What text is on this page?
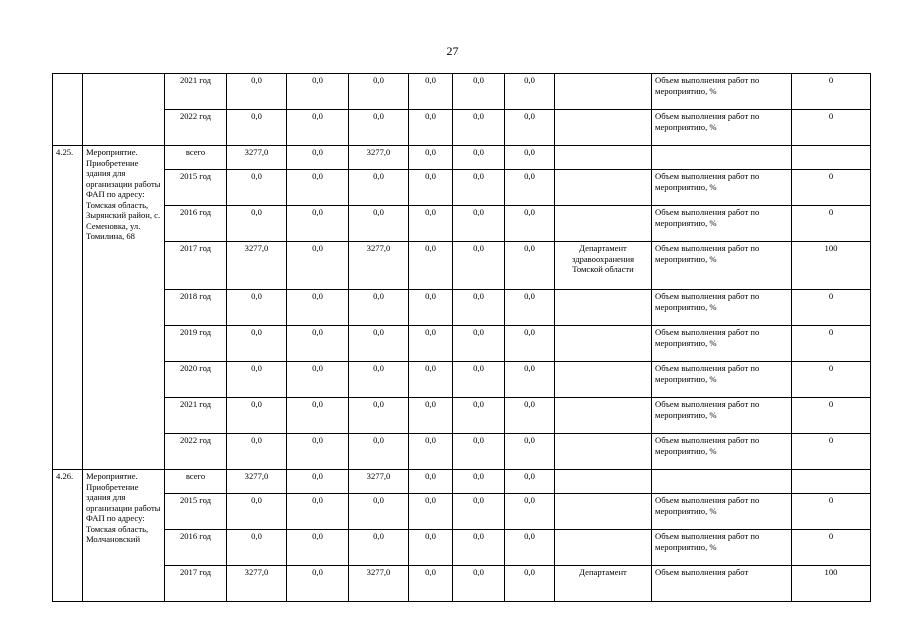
27
		2021 год	0,0	0,0	0,0	0,0	0,0	0,0		Объем выполнения работ по мероприятию, %	0
		2022 год	0,0	0,0	0,0	0,0	0,0	0,0		Объем выполнения работ по мероприятию, %	0
4.25.	Мероприятие. Приобретение здания для организации работы ФАП по адресу: Томская область, Зырянский район, с. Семеновка, ул. Томилина, 68	всего	3277,0	0,0	3277,0	0,0	0,0	0,0			
		2015 год	0,0	0,0	0,0	0,0	0,0	0,0		Объем выполнения работ по мероприятию, %	0
		2016 год	0,0	0,0	0,0	0,0	0,0	0,0		Объем выполнения работ по мероприятию, %	0
		2017 год	3277,0	0,0	3277,0	0,0	0,0	0,0	Департамент здравоохранения Томской области	Объем выполнения работ по мероприятию, %	100
		2018 год	0,0	0,0	0,0	0,0	0,0	0,0		Объем выполнения работ по мероприятию, %	0
		2019 год	0,0	0,0	0,0	0,0	0,0	0,0		Объем выполнения работ по мероприятию, %	0
		2020 год	0,0	0,0	0,0	0,0	0,0	0,0		Объем выполнения работ по мероприятию, %	0
		2021 год	0,0	0,0	0,0	0,0	0,0	0,0		Объем выполнения работ по мероприятию, %	0
		2022 год	0,0	0,0	0,0	0,0	0,0	0,0		Объем выполнения работ по мероприятию, %	0
4.26.	Мероприятие. Приобретение здания для организации работы ФАП по адресу: Томская область, Молчановский	всего	3277,0	0,0	3277,0	0,0	0,0	0,0			
		2015 год	0,0	0,0	0,0	0,0	0,0	0,0		Объем выполнения работ по мероприятию, %	0
		2016 год	0,0	0,0	0,0	0,0	0,0	0,0		Объем выполнения работ по мероприятию, %	0
		2017 год	3277,0	0,0	3277,0	0,0	0,0	0,0	Департамент	Объем выполнения работ	100
